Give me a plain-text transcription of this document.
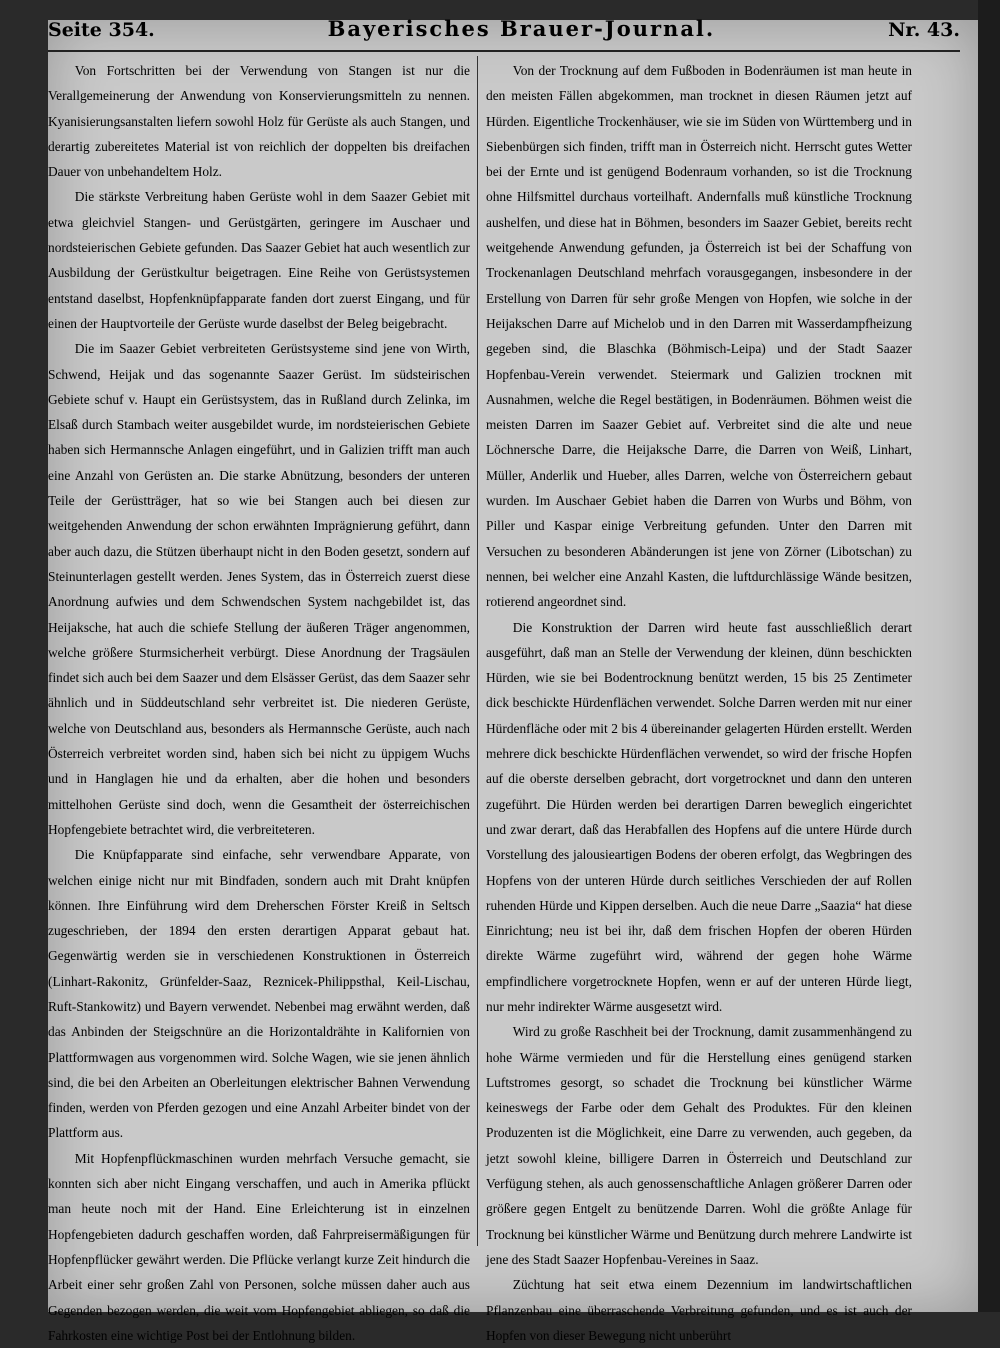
Seite 354.	Bayerisches Brauer-Journal.	Nr. 43.

Von Fortschritten bei der Verwendung von Stangen ist nur die Verallgemeinerung der Anwendung von Konservierungsmitteln zu nennen. Kyanisierungsanstalten liefern sowohl Holz für Gerüste als auch Stangen, und derartig zubereitetes Material ist von reichlich der doppelten bis dreifachen Dauer von unbehandeltem Holz.

Die stärkste Verbreitung haben Gerüste wohl in dem Saazer Gebiet mit etwa gleichviel Stangen- und Gerüstgärten, geringere im Auschaer und nordsteierischen Gebiete gefunden. Das Saazer Gebiet hat auch wesentlich zur Ausbildung der Gerüstkultur beigetragen. Eine Reihe von Gerüstsystemen entstand daselbst, Hopfenknüpfapparate fanden dort zuerst Eingang, und für einen der Hauptvorteile der Gerüste wurde daselbst der Beleg beigebracht.

Die im Saazer Gebiet verbreiteten Gerüstsysteme sind jene von Wirth, Schwend, Heijak und das sogenannte Saazer Gerüst. Im südsteirischen Gebiete schuf v. Haupt ein Gerüstsystem, das in Rußland durch Zelinka, im Elsaß durch Stambach weiter ausgebildet wurde, im nordsteierischen Gebiete haben sich Hermannsche Anlagen eingeführt, und in Galizien trifft man auch eine Anzahl von Gerüsten an. Die starke Abnützung, besonders der unteren Teile der Gerüstträger, hat so wie bei Stangen auch bei diesen zur weitgehenden Anwendung der schon erwähnten Imprägnierung geführt, dann aber auch dazu, die Stützen überhaupt nicht in den Boden gesetzt, sondern auf Steinunterlagen gestellt werden. Jenes System, das in Österreich zuerst diese Anordnung aufwies und dem Schwendschen System nachgebildet ist, das Heijaksche, hat auch die schiefe Stellung der äußeren Träger angenommen, welche größere Sturmsicherheit verbürgt. Diese Anordnung der Tragsäulen findet sich auch bei dem Saazer und dem Elsässer Gerüst, das dem Saazer sehr ähnlich und in Süddeutschland sehr verbreitet ist. Die niederen Gerüste, welche von Deutschland aus, besonders als Hermannsche Gerüste, auch nach Österreich verbreitet worden sind, haben sich bei nicht zu üppigem Wuchs und in Hanglagen hie und da erhalten, aber die hohen und besonders mittelhohen Gerüste sind doch, wenn die Gesamtheit der österreichischen Hopfengebiete betrachtet wird, die verbreiteteren.

Die Knüpfapparate sind einfache, sehr verwendbare Apparate, von welchen einige nicht nur mit Bindfaden, sondern auch mit Draht knüpfen können. Ihre Einführung wird dem Dreherschen Förster Kreiß in Seltsch zugeschrieben, der 1894 den ersten derartigen Apparat gebaut hat. Gegenwärtig werden sie in verschiedenen Konstruktionen in Österreich (Linhart-Rakonitz, Grünfelder-Saaz, Reznicek-Philippsthal, Keil-Lischau, Ruft-Stankowitz) und Bayern verwendet. Nebenbei mag erwähnt werden, daß das Anbinden der Steigschnüre an die Horizontaldrähte in Kalifornien von Plattformwagen aus vorgenommen wird. Solche Wagen, wie sie jenen ähnlich sind, die bei den Arbeiten an Oberleitungen elektrischer Bahnen Verwendung finden, werden von Pferden gezogen und eine Anzahl Arbeiter bindet von der Plattform aus.

Mit Hopfenpflückmaschinen wurden mehrfach Versuche gemacht, sie konnten sich aber nicht Eingang verschaffen, und auch in Amerika pflückt man heute noch mit der Hand. Eine Erleichterung ist in einzelnen Hopfengebieten dadurch geschaffen worden, daß Fahrpreisermäßigungen für Hopfenpflücker gewährt werden. Die Pflücke verlangt kurze Zeit hindurch die Arbeit einer sehr großen Zahl von Personen, solche müssen daher auch aus Gegenden bezogen werden, die weit vom Hopfengebiet abliegen, so daß die Fahrkosten eine wichtige Post bei der Entlohnung bilden.

Von der Trocknung auf dem Fußboden in Bodenräumen ist man heute in den meisten Fällen abgekommen, man trocknet in diesen Räumen jetzt auf Hürden. Eigentliche Trockenhäuser, wie sie im Süden von Württemberg und in Siebenbürgen sich finden, trifft man in Österreich nicht. Herrscht gutes Wetter bei der Ernte und ist genügend Bodenraum vorhanden, so ist die Trocknung ohne Hilfsmittel durchaus vorteilhaft. Andernfalls muß künstliche Trocknung aushelfen, und diese hat in Böhmen, besonders im Saazer Gebiet, bereits recht weitgehende Anwendung gefunden, ja Österreich ist bei der Schaffung von Trockenanlagen Deutschland mehrfach vorausgegangen, insbesondere in der Erstellung von Darren für sehr große Mengen von Hopfen, wie solche in der Heijakschen Darre auf Michelob und in den Darren mit Wasserdampfheizung gegeben sind, die Blaschka (Böhmisch-Leipa) und der Stadt Saazer Hopfenbau-Verein verwendet. Steiermark und Galizien trocknen mit Ausnahmen, welche die Regel bestätigen, in Bodenräumen. Böhmen weist die meisten Darren im Saazer Gebiet auf. Verbreitet sind die alte und neue Löchnersche Darre, die Heijaksche Darre, die Darren von Weiß, Linhart, Müller, Anderlik und Hueber, alles Darren, welche von Österreichern gebaut wurden. Im Auschaer Gebiet haben die Darren von Wurbs und Böhm, von Piller und Kaspar einige Verbreitung gefunden. Unter den Darren mit Versuchen zu besonderen Abänderungen ist jene von Zörner (Libotschan) zu nennen, bei welcher eine Anzahl Kasten, die luftdurchlässige Wände besitzen, rotierend angeordnet sind.

Die Konstruktion der Darren wird heute fast ausschließlich derart ausgeführt, daß man an Stelle der Verwendung der kleinen, dünn beschickten Hürden, wie sie bei Bodentrocknung benützt werden, 15 bis 25 Zentimeter dick beschickte Hürdenflächen verwendet. Solche Darren werden mit nur einer Hürdenfläche oder mit 2 bis 4 übereinander gelagerten Hürden erstellt. Werden mehrere dick beschickte Hürdenflächen verwendet, so wird der frische Hopfen auf die oberste derselben gebracht, dort vorgetrocknet und dann den unteren zugeführt. Die Hürden werden bei derartigen Darren beweglich eingerichtet und zwar derart, daß das Herabfallen des Hopfens auf die untere Hürde durch Vorstellung des jalousieartigen Bodens der oberen erfolgt, das Wegbringen des Hopfens von der unteren Hürde durch seitliches Verschieden der auf Rollen ruhenden Hürde und Kippen derselben. Auch die neue Darre „Saazia“ hat diese Einrichtung; neu ist bei ihr, daß dem frischen Hopfen der oberen Hürden direkte Wärme zugeführt wird, während der gegen hohe Wärme empfindlichere vorgetrocknete Hopfen, wenn er auf der unteren Hürde liegt, nur mehr indirekter Wärme ausgesetzt wird.

Wird zu große Raschheit bei der Trocknung, damit zusammenhängend zu hohe Wärme vermieden und für die Herstellung eines genügend starken Luftstromes gesorgt, so schadet die Trocknung bei künstlicher Wärme keineswegs der Farbe oder dem Gehalt des Produktes. Für den kleinen Produzenten ist die Möglichkeit, eine Darre zu verwenden, auch gegeben, da jetzt sowohl kleine, billigere Darren in Österreich und Deutschland zur Verfügung stehen, als auch genossenschaftliche Anlagen größerer Darren oder größere gegen Entgelt zu benützende Darren. Wohl die größte Anlage für Trocknung bei künstlicher Wärme und Benützung durch mehrere Landwirte ist jene des Stadt Saazer Hopfenbau-Vereines in Saaz.

Züchtung hat seit etwa einem Dezennium im landwirtschaftlichen Pflanzenbau eine überraschende Verbreitung gefunden, und es ist auch der Hopfen von dieser Bewegung nicht unberührt
